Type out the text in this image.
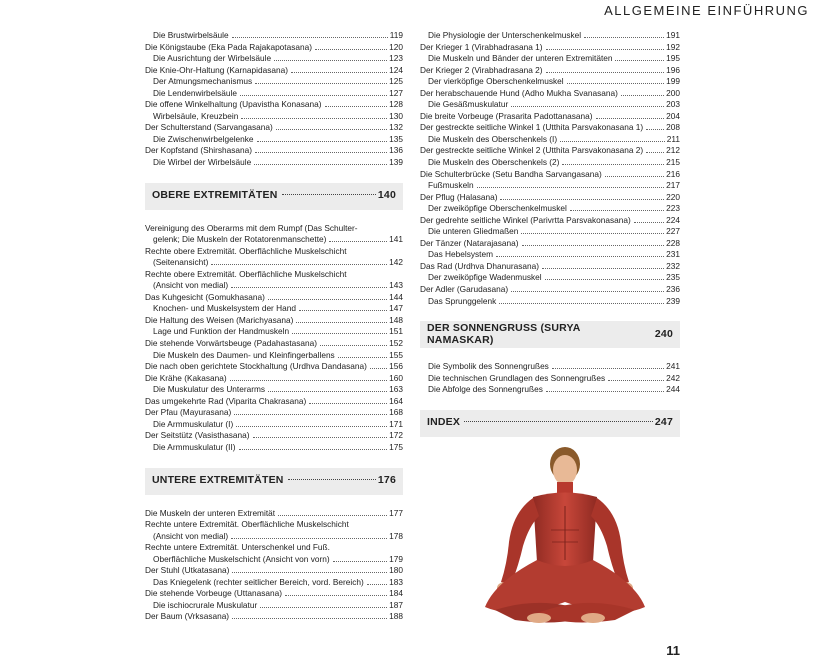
ALLGEMEINE EINFÜHRUNG
Die Brustwirbelsäule	119
Die Königstaube (Eka Pada Rajakapotasana)	120
Die Ausrichtung der Wirbelsäule	123
Die Knie-Ohr-Haltung (Karnapidasana)	124
Der Atmungsmechanismus	125
Die Lendenwirbelsäule	127
Die offene Winkelhaltung (Upavistha Konasana)	128
Wirbelsäule, Kreuzbein	130
Der Schulterstand (Sarvangasana)	132
Die Zwischenwirbelgelenke	135
Der Kopfstand (Shirshasana)	136
Die Wirbel der Wirbelsäule	139
OBERE EXTREMITÄTEN	140
Vereinigung des Oberarms mit dem Rumpf (Das Schulter-
gelenk; Die Muskeln der Rotatorenmanschette)	141
Rechte obere Extremität. Oberflächliche Muskelschicht
(Seitenansicht)	142
Rechte obere Extremität. Oberflächliche Muskelschicht
(Ansicht von medial)	143
Das Kuhgesicht (Gomukhasana)	144
Knochen- und Muskelsystem der Hand	147
Die Haltung des Weisen (Marichyasana)	148
Lage und Funktion der Handmuskeln	151
Die stehende Vorwärtsbeuge (Padahastasana)	152
Die Muskeln des Daumen- und Kleinfingerballens	155
Die nach oben gerichtete Stockhaltung (Urdhva Dandasana)	156
Die Krähe (Kakasana)	160
Die Muskulatur des Unterarms	163
Das umgekehrte Rad (Viparita Chakrasana)	164
Der Pfau (Mayurasana)	168
Die Armmuskulatur (I)	171
Der Seitstütz (Vasisthasana)	172
Die Armmuskulatur (II)	175
UNTERE EXTREMITÄTEN	176
Die Muskeln der unteren Extremität	177
Rechte untere Extremität. Oberflächliche Muskelschicht
(Ansicht von medial)	178
Rechte untere Extremität. Unterschenkel und Fuß.
Oberflächliche Muskelschicht (Ansicht von vorn)	179
Der Stuhl (Utkatasana)	180
Das Kniegelenk (rechter seitlicher Bereich, vord. Bereich)	183
Die stehende Vorbeuge (Uttanasana)	184
Die ischiocrurale Muskulatur	187
Der Baum (Vrksasana)	188
Die Physiologie der Unterschenkelmuskel	191
Der Krieger 1 (Virabhadrasana 1)	192
Die Muskeln und Bänder der unteren Extremitäten	195
Der Krieger 2 (Virabhadrasana 2)	196
Der vierköpfige Oberschenkelmuskel	199
Der herabschauende Hund (Adho Mukha Svanasana)	200
Die Gesäßmuskulatur	203
Die breite Vorbeuge (Prasarita Padottanasana)	204
Der gestreckte seitliche Winkel 1 (Utthita Parsvakonasana 1)	208
Die Muskeln des Oberschenkels (I)	211
Der gestreckte seitliche Winkel 2 (Utthita Parsvakonasana 2)	212
Die Muskeln des Oberschenkels (2)	215
Die Schulterbrücke (Setu Bandha Sarvangasana)	216
Fußmuskeln	217
Der Pflug (Halasana)	220
Der zweiköpfige Oberschenkelmuskel	223
Der gedrehte seitliche Winkel (Parivrtta Parsvakonasana)	224
Die unteren Gliedmaßen	227
Der Tänzer (Natarajasana)	228
Das Hebelsystem	231
Das Rad (Urdhva Dhanurasana)	232
Der zweiköpfige Wadenmuskel	235
Der Adler (Garudasana)	236
Das Sprunggelenk	239
DER SONNENGRUSS (SURYA NAMASKAR)	240
Die Symbolik des Sonnengrußes	241
Die technischen Grundlagen des Sonnengrußes	242
Die Abfolge des Sonnengrußes	244
INDEX	247
11
